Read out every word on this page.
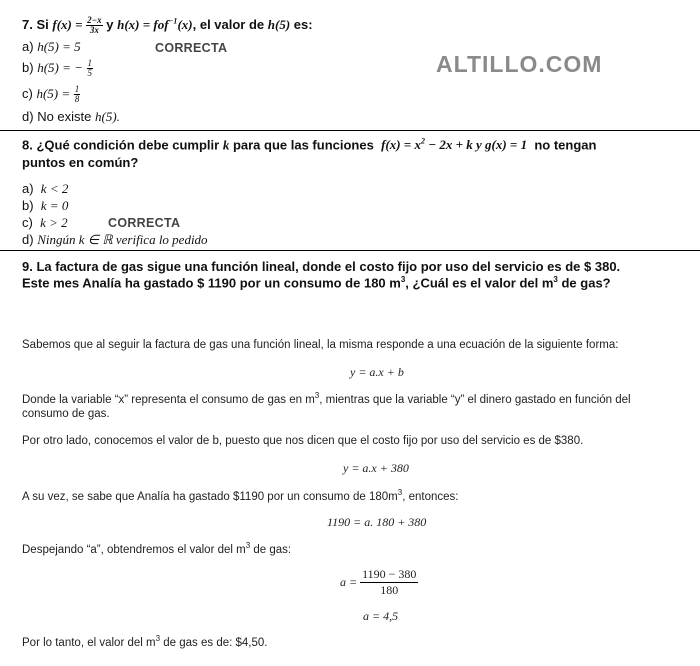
7. Si $f(x) = \frac{2-x}{3x}$ y h(x) = fof$^{-1}$(x), el valor de h(5) es:
a) h(5) = 5	CORRECTA
b) h(5) = − $\frac{1}{5}$
c) $h(5) = \frac{1}{8}$
d) No existe h(5).
ALTILLO.COM
8. ¿Qué condición debe cumplir k para que las funciones $f(x) = x^2 - 2x + k$ y g(x) = 1 no tengan
puntos en común?
a) k < 2
b) k = 0
c) k > 2	CORRECTA
d) Ningún k ∈ ℝ verifica lo pedido
9. La factura de gas sigue una función lineal, donde el costo fijo por uso del servicio es de $ 380.
Este mes Analía ha gastado $ 1190 por un consumo de 180 $m^3$, ¿Cuál es el valor del $m^3$ de gas?
Sabemos que al seguir la factura de gas una función lineal, la misma responde a una ecuación de la siguiente forma:
y = a.x + b
Donde la variable “x” representa el consumo de gas en $m^3$, mientras que la variable “y” el dinero gastado en función del
consumo de gas.
Por otro lado, conocemos el valor de b, puesto que nos dicen que el costo fijo por uso del servicio es de $380.
y = a.x + 380
A su vez, se sabe que Analía ha gastado $1190 por un consumo de $180m^3$, entonces:
1190 = a. 180 + 380
Despejando “a”, obtendremos el valor del $m^3$ de gas:
$a = \frac{1190 - 380}{180}$
a = 4,5
Por lo tanto, el valor del $m^3$ de gas es de: $4,50.
